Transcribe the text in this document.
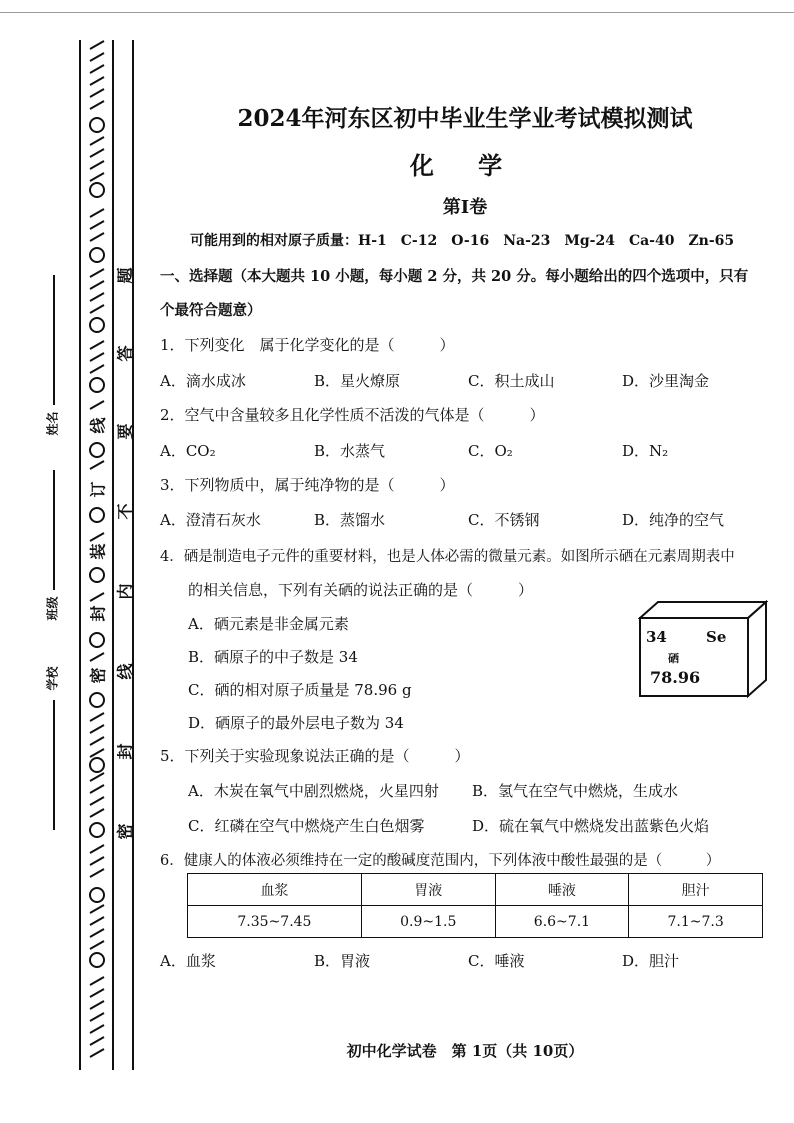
线
订
装
封
密
题
答
要
不
内
线
封
密
姓名
班级
学校
2024年河东区初中毕业生学业考试模拟测试
化 学
第Ⅰ卷
可能用到的相对原子质量：H-1　C-12　O-16　Na-23　Mg-24　Ca-40　Zn-65
一、选择题（本大题共 10 小题，每小题 2 分，共 20 分。每小题给出的四个选项中，只有
个最符合题意）
1．下列变化　属于化学变化的是（　　　）
A．滴水成冰	B．星火燎原	C．积土成山	D．沙里淘金
2．空气中含量较多且化学性质不活泼的气体是（　　　）
A．CO₂	B．水蒸气	C．O₂	D．N₂
3．下列物质中，属于纯净物的是（　　　）
A．澄清石灰水	B．蒸馏水	C．不锈钢	D．纯净的空气
4．硒是制造电子元件的重要材料，也是人体必需的微量元素。如图所示硒在元素周期表中
的相关信息，下列有关硒的说法正确的是（　　　）
A．硒元素是非金属元素
B．硒原子的中子数是 34
C．硒的相对原子质量是 78.96 g
D．硒原子的最外层电子数为 34
34	Se
硒
78.96
5．下列关于实验现象说法正确的是（　　　）
A．木炭在氧气中剧烈燃烧，火星四射 B．氢气在空气中燃烧，生成水
C．红磷在空气中燃烧产生白色烟雾	D．硫在氧气中燃烧发出蓝紫色火焰
6．健康人的体液必须维持在一定的酸碱度范围内，下列体液中酸性最强的是（　　　）
血浆	胃液	唾液	胆汁
7.35~7.45	0.9~1.5	6.6~7.1	7.1~7.3
A．血浆	B．胃液	C．唾液	D．胆汁
初中化学试卷　第 1页（共 10页）
